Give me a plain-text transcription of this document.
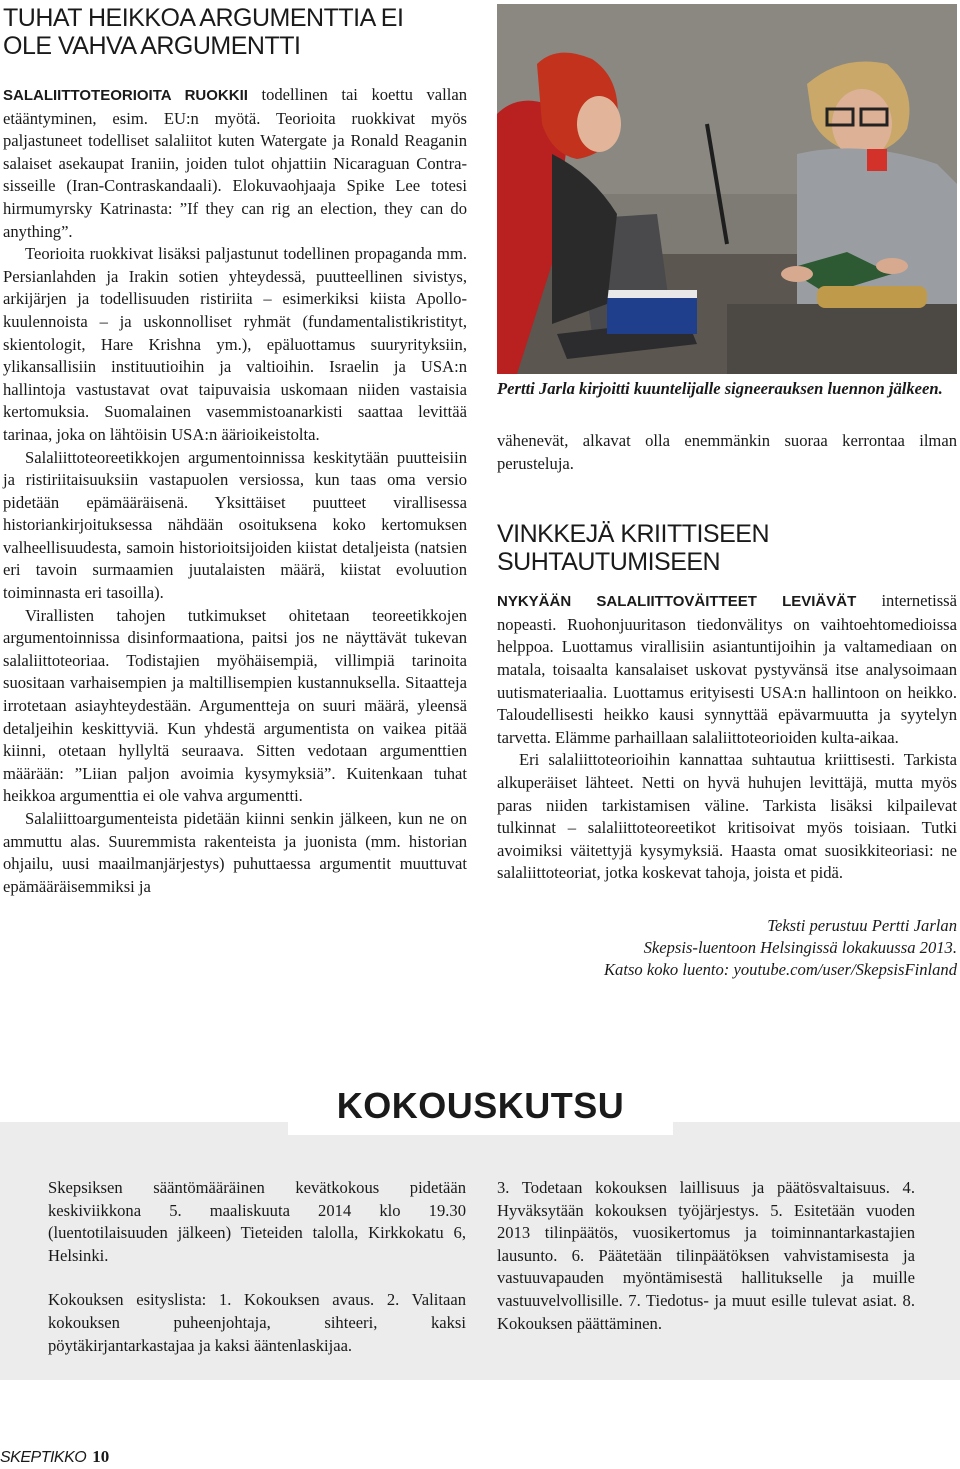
TUHAT HEIKKOA ARGUMENTTIA EI OLE VAHVA ARGUMENTTI

SALALIITTOTEORIOITA RUOKKII todellinen tai koettu vallan etääntyminen, esim. EU:n myötä. Teorioita ruokkivat myös paljastuneet todelliset salaliitot kuten Watergate ja Ronald Reaganin salaiset asekaupat Iraniin, joiden tulot ohjattiin Nicaraguan Contra-sisseille (Iran-Contraskandaali). Elokuvaohjaaja Spike Lee totesi hirmumyrsky Katrinasta: ”If they can rig an election, they can do anything”.

Teorioita ruokkivat lisäksi paljastunut todellinen propaganda mm. Persianlahden ja Irakin sotien yhteydessä, puutteellinen sivistys, arkijärjen ja todellisuuden ristiriita – esimerkiksi kiista Apollo-kuulennoista – ja uskonnolliset ryhmät (fundamentalistikristityt, skientologit, Hare Krishna ym.), epäluottamus suuryrityksiin, ylikansallisiin instituutioihin ja valtioihin. Israelin ja USA:n hallintoja vastustavat ovat taipuvaisia uskomaan niiden vastaisia kertomuksia. Suomalainen vasemmistoanarkisti saattaa levittää tarinaa, joka on lähtöisin USA:n äärioikeistolta.

Salaliittoteoreetikkojen argumentoinnissa keskitytään puutteisiin ja ristiriitaisuuksiin vastapuolen versiossa, kun taas oma versio pidetään epämääräisenä. Yksittäiset puutteet virallisessa historiankirjoituksessa nähdään osoituksena koko kertomuksen valheellisuudesta, samoin historioitsijoiden kiistat detaljeista (natsien eri tavoin surmaamien juutalaisten määrä, kiistat evoluution toiminnasta eri tasoilla).

Virallisten tahojen tutkimukset ohitetaan teoreetikkojen argumentoinnissa disinformaationa, paitsi jos ne näyttävät tukevan salaliittoteoriaa. Todistajien myöhäisempiä, villimpiä tarinoita suositaan varhaisempien ja maltillisempien kustannuksella. Sitaatteja irrotetaan asiayhteydestään. Argumentteja on suuri määrä, yleensä detaljeihin keskittyviä. Kun yhdestä argumentista on vaikea pitää kiinni, otetaan hyllyltä seuraava. Sitten vedotaan argumenttien määrään: ”Liian paljon avoimia kysymyksiä”. Kuitenkaan tuhat heikkoa argumenttia ei ole vahva argumentti.

Salaliittoargumenteista pidetään kiinni senkin jälkeen, kun ne on ammuttu alas. Suuremmista rakenteista ja juonista (mm. historian ohjailu, uusi maailmanjärjestys) puhuttaessa argumentit muuttuvat epämääräisemmiksi ja

Pertti Jarla kirjoitti kuuntelijalle signeerauksen luennon jälkeen.

vähenevät, alkavat olla enemmänkin suoraa kerrontaa ilman perusteluja.

VINKKEJÄ KRIITTISEEN SUHTAUTUMISEEN

NYKYÄÄN SALALIITTOVÄITTEET LEVIÄVÄT internetissä nopeasti. Ruohonjuuritason tiedonvälitys on vaihtoehtomedioissa helppoa. Luottamus virallisiin asiantuntijoihin ja valtamediaan on matala, toisaalta kansalaiset uskovat pystyvänsä itse analysoimaan uutismateriaalia. Luottamus erityisesti USA:n hallintoon on heikko. Taloudellisesti heikko kausi synnyttää epävarmuutta ja syytelyn tarvetta. Elämme parhaillaan salaliittoteorioiden kulta-aikaa.

Eri salaliittoteorioihin kannattaa suhtautua kriittisesti. Tarkista alkuperäiset lähteet. Netti on hyvä huhujen levittäjä, mutta myös paras niiden tarkistamisen väline. Tarkista lisäksi kilpailevat tulkinnat – salaliittoteoreetikot kritisoivat myös toisiaan. Tutki avoimiksi väitettyjä kysymyksiä. Haasta omat suosikkiteoriasi: ne salaliittoteoriat, jotka koskevat tahoja, joista et pidä.

Teksti perustuu Pertti Jarlan
Skepsis-luentoon Helsingissä lokakuussa 2013.
Katso koko luento: youtube.com/user/SkepsisFinland
KOKOUSKUTSU

Skepsiksen sääntömääräinen kevätkokous pidetään keskiviikkona 5. maaliskuuta 2014 klo 19.30 (luentotilaisuuden jälkeen) Tieteiden talolla, Kirkkokatu 6, Helsinki.

Kokouksen esityslista: 1. Kokouksen avaus. 2. Valitaan kokouksen puheenjohtaja, sihteeri, kaksi pöytäkirjantarkastajaa ja kaksi ääntenlaskijaa.

3. Todetaan kokouksen laillisuus ja päätösvaltaisuus. 4. Hyväksytään kokouksen työjärjestys. 5. Esitetään vuoden 2013 tilinpäätös, vuosikertomus ja toiminnantarkastajien lausunto. 6. Päätetään tilinpäätöksen vahvistamisesta ja vastuuvapauden myöntämisestä hallitukselle ja muille vastuuvelvollisille. 7. Tiedotus- ja muut esille tulevat asiat. 8. Kokouksen päättäminen.

SKEPTIKKO 10
